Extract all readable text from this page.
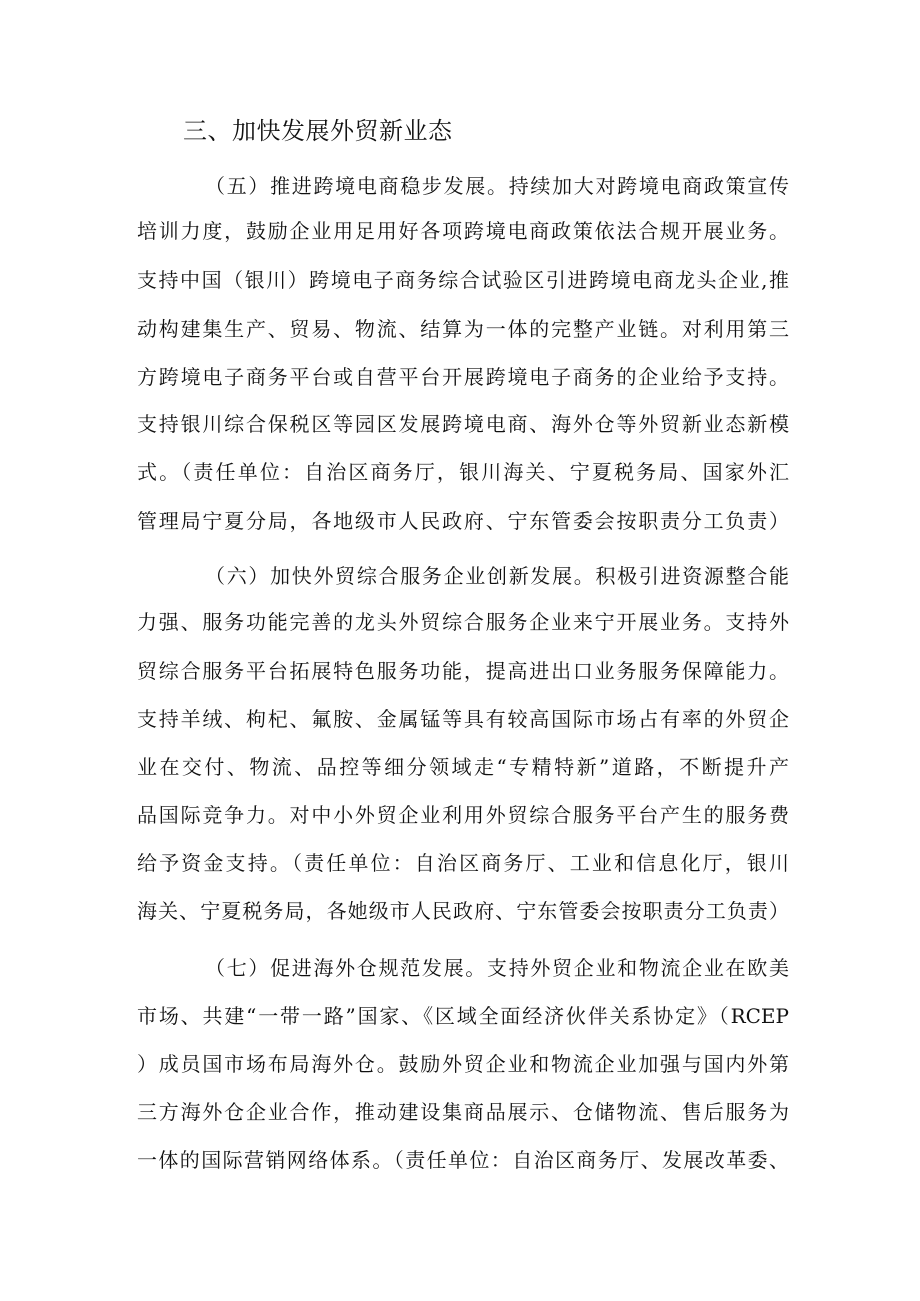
三、加快发展外贸新业态
（五）推进跨境电商稳步发展。持续加大对跨境电商政策宣传
培训力度，鼓励企业用足用好各项跨境电商政策依法合规开展业务。
支持中国（银川）跨境电子商务综合试验区引进跨境电商龙头企业,推
动构建集生产、贸易、物流、结算为一体的完整产业链。对利用第三
方跨境电子商务平台或自营平台开展跨境电子商务的企业给予支持。
支持银川综合保税区等园区发展跨境电商、海外仓等外贸新业态新模
式。（责任单位：自治区商务厅，银川海关、宁夏税务局、国家外汇
管理局宁夏分局，各地级市人民政府、宁东管委会按职责分工负责）
（六）加快外贸综合服务企业创新发展。积极引进资源整合能
力强、服务功能完善的龙头外贸综合服务企业来宁开展业务。支持外
贸综合服务平台拓展特色服务功能，提高进出口业务服务保障能力。
支持羊绒、枸杞、氟胺、金属锰等具有较高国际市场占有率的外贸企
业在交付、物流、品控等细分领域走“专精特新”道路，不断提升产
品国际竞争力。对中小外贸企业利用外贸综合服务平台产生的服务费
给予资金支持。（责任单位：自治区商务厅、工业和信息化厅，银川
海关、宁夏税务局，各她级市人民政府、宁东管委会按职责分工负责）
（七）促进海外仓规范发展。支持外贸企业和物流企业在欧美
市场、共建“一带一路”国家、《区域全面经济伙伴关系协定》（RCEP
）成员国市场布局海外仓。鼓励外贸企业和物流企业加强与国内外第
三方海外仓企业合作，推动建设集商品展示、仓储物流、售后服务为
一体的国际营销网络体系。（责任单位：自治区商务厅、发展改革委、
